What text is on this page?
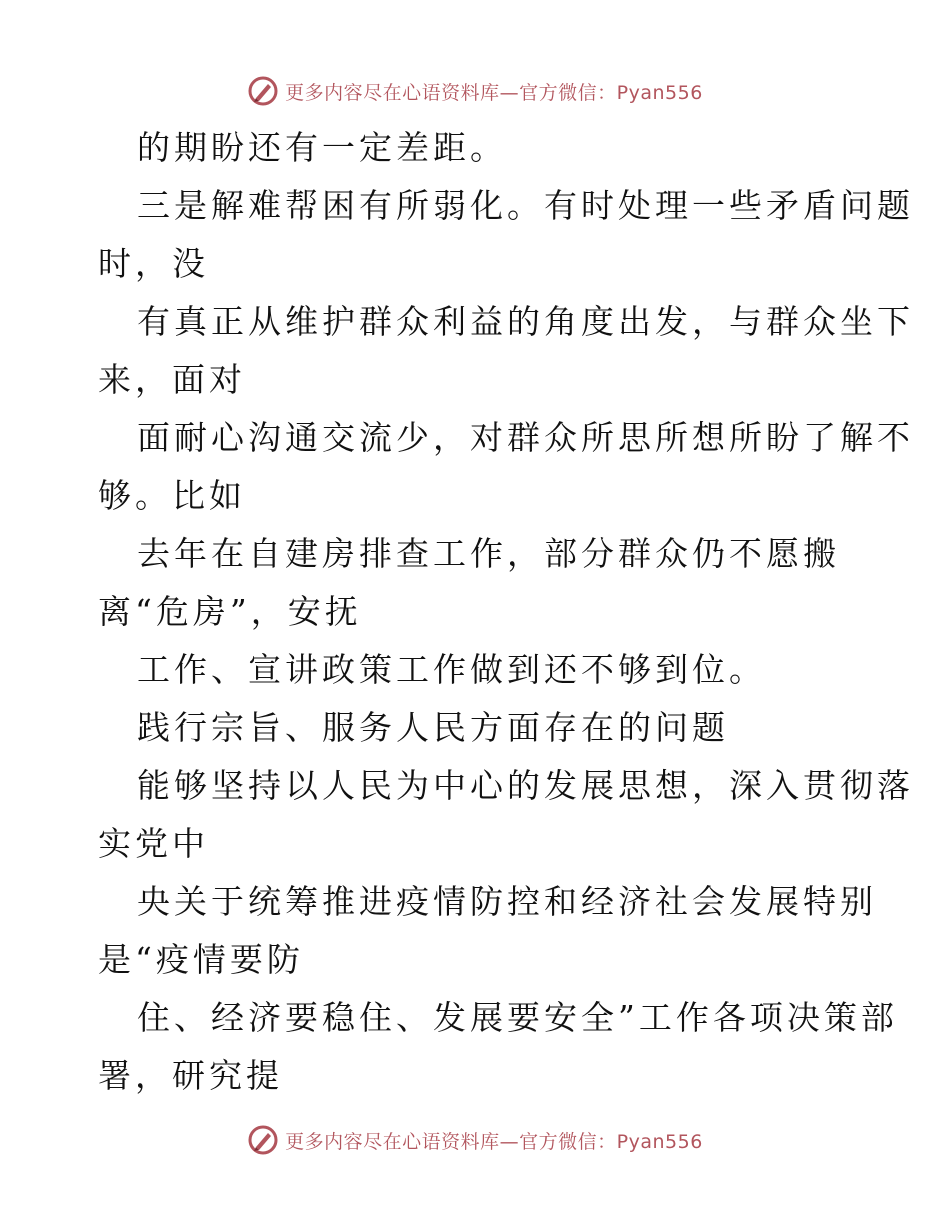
更多内容尽在心语资料库—官方微信：Pyan556
的期盼还有一定差距。
三是解难帮困有所弱化。有时处理一些矛盾问题
时，没
有真正从维护群众利益的角度出发，与群众坐下
来，面对
面耐心沟通交流少，对群众所思所想所盼了解不
够。比如
去年在自建房排查工作，部分群众仍不愿搬
离“危房”，安抚
工作、宣讲政策工作做到还不够到位。
践行宗旨、服务人民方面存在的问题
能够坚持以人民为中心的发展思想，深入贯彻落
实党中
央关于统筹推进疫情防控和经济社会发展特别
是“疫情要防
住、经济要稳住、发展要安全”工作各项决策部
署，研究提
更多内容尽在心语资料库—官方微信：Pyan556
